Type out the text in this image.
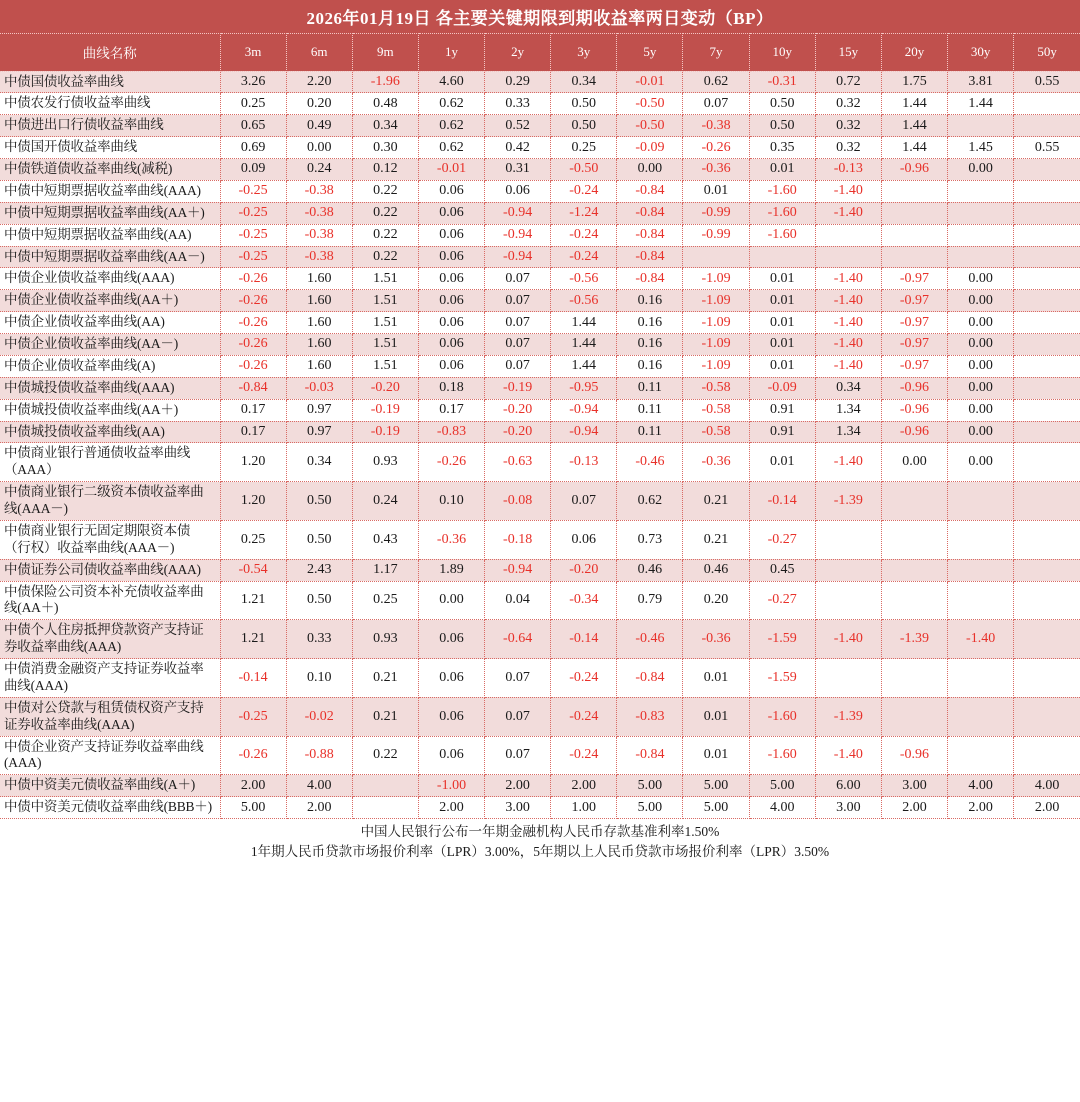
2026年01月19日 各主要关键期限到期收益率两日变动（BP）													
曲线名称	3m	6m	9m	1y	2y	3y	5y	7y	10y	15y	20y	30y	50y
中债国债收益率曲线	3.26	2.20	-1.96	4.60	0.29	0.34	-0.01	0.62	-0.31	0.72	1.75	3.81	0.55
中债农发行债收益率曲线	0.25	0.20	0.48	0.62	0.33	0.50	-0.50	0.07	0.50	0.32	1.44	1.44	
中债进出口行债收益率曲线	0.65	0.49	0.34	0.62	0.52	0.50	-0.50	-0.38	0.50	0.32	1.44		
中债国开债收益率曲线	0.69	0.00	0.30	0.62	0.42	0.25	-0.09	-0.26	0.35	0.32	1.44	1.45	0.55
中债铁道债收益率曲线(减税)	0.09	0.24	0.12	-0.01	0.31	-0.50	0.00	-0.36	0.01	-0.13	-0.96	0.00	
中债中短期票据收益率曲线(AAA)	-0.25	-0.38	0.22	0.06	0.06	-0.24	-0.84	0.01	-1.60	-1.40			
中债中短期票据收益率曲线(AA＋)	-0.25	-0.38	0.22	0.06	-0.94	-1.24	-0.84	-0.99	-1.60	-1.40			
中债中短期票据收益率曲线(AA)	-0.25	-0.38	0.22	0.06	-0.94	-0.24	-0.84	-0.99	-1.60				
中债中短期票据收益率曲线(AA－)	-0.25	-0.38	0.22	0.06	-0.94	-0.24	-0.84						
中债企业债收益率曲线(AAA)	-0.26	1.60	1.51	0.06	0.07	-0.56	-0.84	-1.09	0.01	-1.40	-0.97	0.00	
中债企业债收益率曲线(AA＋)	-0.26	1.60	1.51	0.06	0.07	-0.56	0.16	-1.09	0.01	-1.40	-0.97	0.00	
中债企业债收益率曲线(AA)	-0.26	1.60	1.51	0.06	0.07	1.44	0.16	-1.09	0.01	-1.40	-0.97	0.00	
中债企业债收益率曲线(AA－)	-0.26	1.60	1.51	0.06	0.07	1.44	0.16	-1.09	0.01	-1.40	-0.97	0.00	
中债企业债收益率曲线(A)	-0.26	1.60	1.51	0.06	0.07	1.44	0.16	-1.09	0.01	-1.40	-0.97	0.00	
中债城投债收益率曲线(AAA)	-0.84	-0.03	-0.20	0.18	-0.19	-0.95	0.11	-0.58	-0.09	0.34	-0.96	0.00	
中债城投债收益率曲线(AA＋)	0.17	0.97	-0.19	0.17	-0.20	-0.94	0.11	-0.58	0.91	1.34	-0.96	0.00	
中债城投债收益率曲线(AA)	0.17	0.97	-0.19	-0.83	-0.20	-0.94	0.11	-0.58	0.91	1.34	-0.96	0.00	
中债商业银行普通债收益率曲线（AAA）	1.20	0.34	0.93	-0.26	-0.63	-0.13	-0.46	-0.36	0.01	-1.40	0.00	0.00	
中债商业银行二级资本债收益率曲线(AAA－)	1.20	0.50	0.24	0.10	-0.08	0.07	0.62	0.21	-0.14	-1.39			
中债商业银行无固定期限资本债（行权）收益率曲线(AAA－)	0.25	0.50	0.43	-0.36	-0.18	0.06	0.73	0.21	-0.27				
中债证券公司债收益率曲线(AAA)	-0.54	2.43	1.17	1.89	-0.94	-0.20	0.46	0.46	0.45				
中债保险公司资本补充债收益率曲线(AA＋)	1.21	0.50	0.25	0.00	0.04	-0.34	0.79	0.20	-0.27				
中债个人住房抵押贷款资产支持证券收益率曲线(AAA)	1.21	0.33	0.93	0.06	-0.64	-0.14	-0.46	-0.36	-1.59	-1.40	-1.39	-1.40	
中债消费金融资产支持证券收益率曲线(AAA)	-0.14	0.10	0.21	0.06	0.07	-0.24	-0.84	0.01	-1.59				
中债对公贷款与租赁债权资产支持证券收益率曲线(AAA)	-0.25	-0.02	0.21	0.06	0.07	-0.24	-0.83	0.01	-1.60	-1.39			
中债企业资产支持证券收益率曲线(AAA)	-0.26	-0.88	0.22	0.06	0.07	-0.24	-0.84	0.01	-1.60	-1.40	-0.96		
中债中资美元债收益率曲线(A＋)	2.00	4.00		-1.00	2.00	2.00	5.00	5.00	5.00	6.00	3.00	4.00	4.00
中债中资美元债收益率曲线(BBB＋)	5.00	2.00		2.00	3.00	1.00	5.00	5.00	4.00	3.00	2.00	2.00	2.00
中国人民银行公布一年期金融机构人民币存款基准利率1.50%
1年期人民币贷款市场报价利率（LPR）3.00%，5年期以上人民币贷款市场报价利率（LPR）3.50%
